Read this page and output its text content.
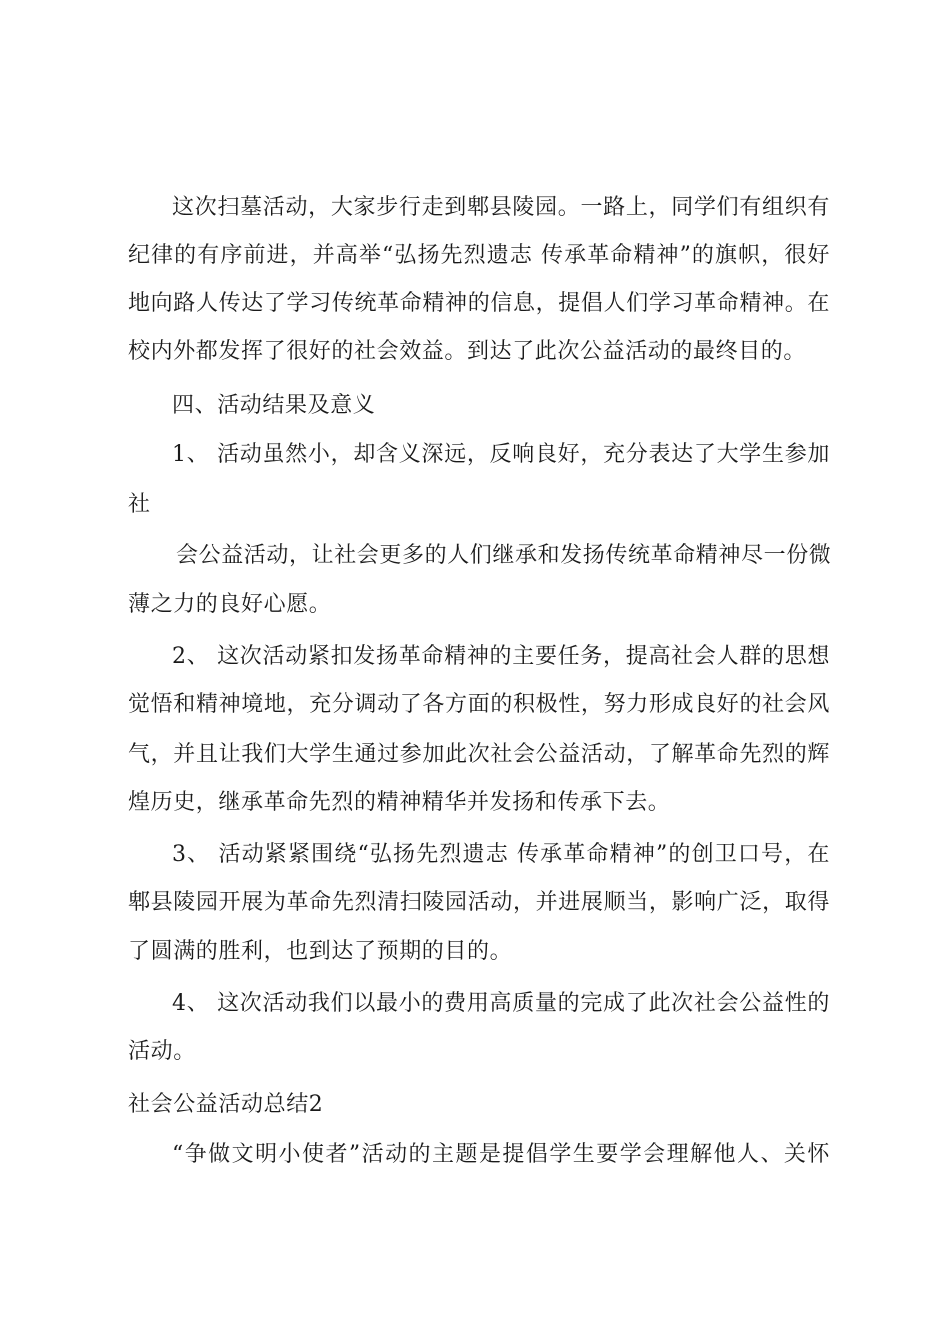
这次扫墓活动，大家步行走到郫县陵园。一路上，同学们有组织有
纪律的有序前进，并高举“弘扬先烈遗志 传承革命精神”的旗帜，很好
地向路人传达了学习传统革命精神的信息，提倡人们学习革命精神。在
校内外都发挥了很好的社会效益。到达了此次公益活动的最终目的。
四、活动结果及意义
1、 活动虽然小，却含义深远，反响良好，充分表达了大学生参加
社
会公益活动，让社会更多的人们继承和发扬传统革命精神尽一份微
薄之力的良好心愿。
2、 这次活动紧扣发扬革命精神的主要任务，提高社会人群的思想
觉悟和精神境地，充分调动了各方面的积极性，努力形成良好的社会风
气，并且让我们大学生通过参加此次社会公益活动，了解革命先烈的辉
煌历史，继承革命先烈的精神精华并发扬和传承下去。
3、 活动紧紧围绕“弘扬先烈遗志 传承革命精神”的创卫口号，在
郫县陵园开展为革命先烈清扫陵园活动，并进展顺当，影响广泛，取得
了圆满的胜利，也到达了预期的目的。
4、 这次活动我们以最小的费用高质量的完成了此次社会公益性的
活动。
社会公益活动总结2
“争做文明小使者”活动的主题是提倡学生要学会理解他人、关怀
